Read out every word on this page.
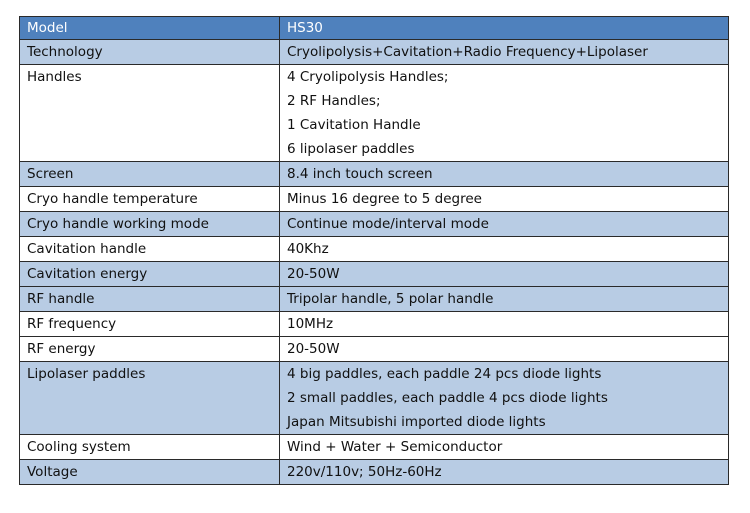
Model	HS30
Technology	Cryolipolysis+Cavitation+Radio Frequency+Lipolaser

Handles	4 Cryolipolysis Handles;
2 RF Handles;
1 Cavitation Handle
6 lipolaser paddles

Screen	8.4 inch touch screen

Cryo handle temperature	Minus 16 degree to 5 degree

Cryo handle working mode	Continue mode/interval mode

Cavitation handle	40Khz

Cavitation energy	20-50W

RF handle	Tripolar handle, 5 polar handle

RF frequency	10MHz

RF energy	20-50W

Lipolaser paddles	4 big paddles, each paddle 24 pcs diode lights
2 small paddles, each paddle 4 pcs diode lights
Japan Mitsubishi imported diode lights

Cooling system	Wind + Water + Semiconductor

Voltage	220v/110v; 50Hz-60Hz
